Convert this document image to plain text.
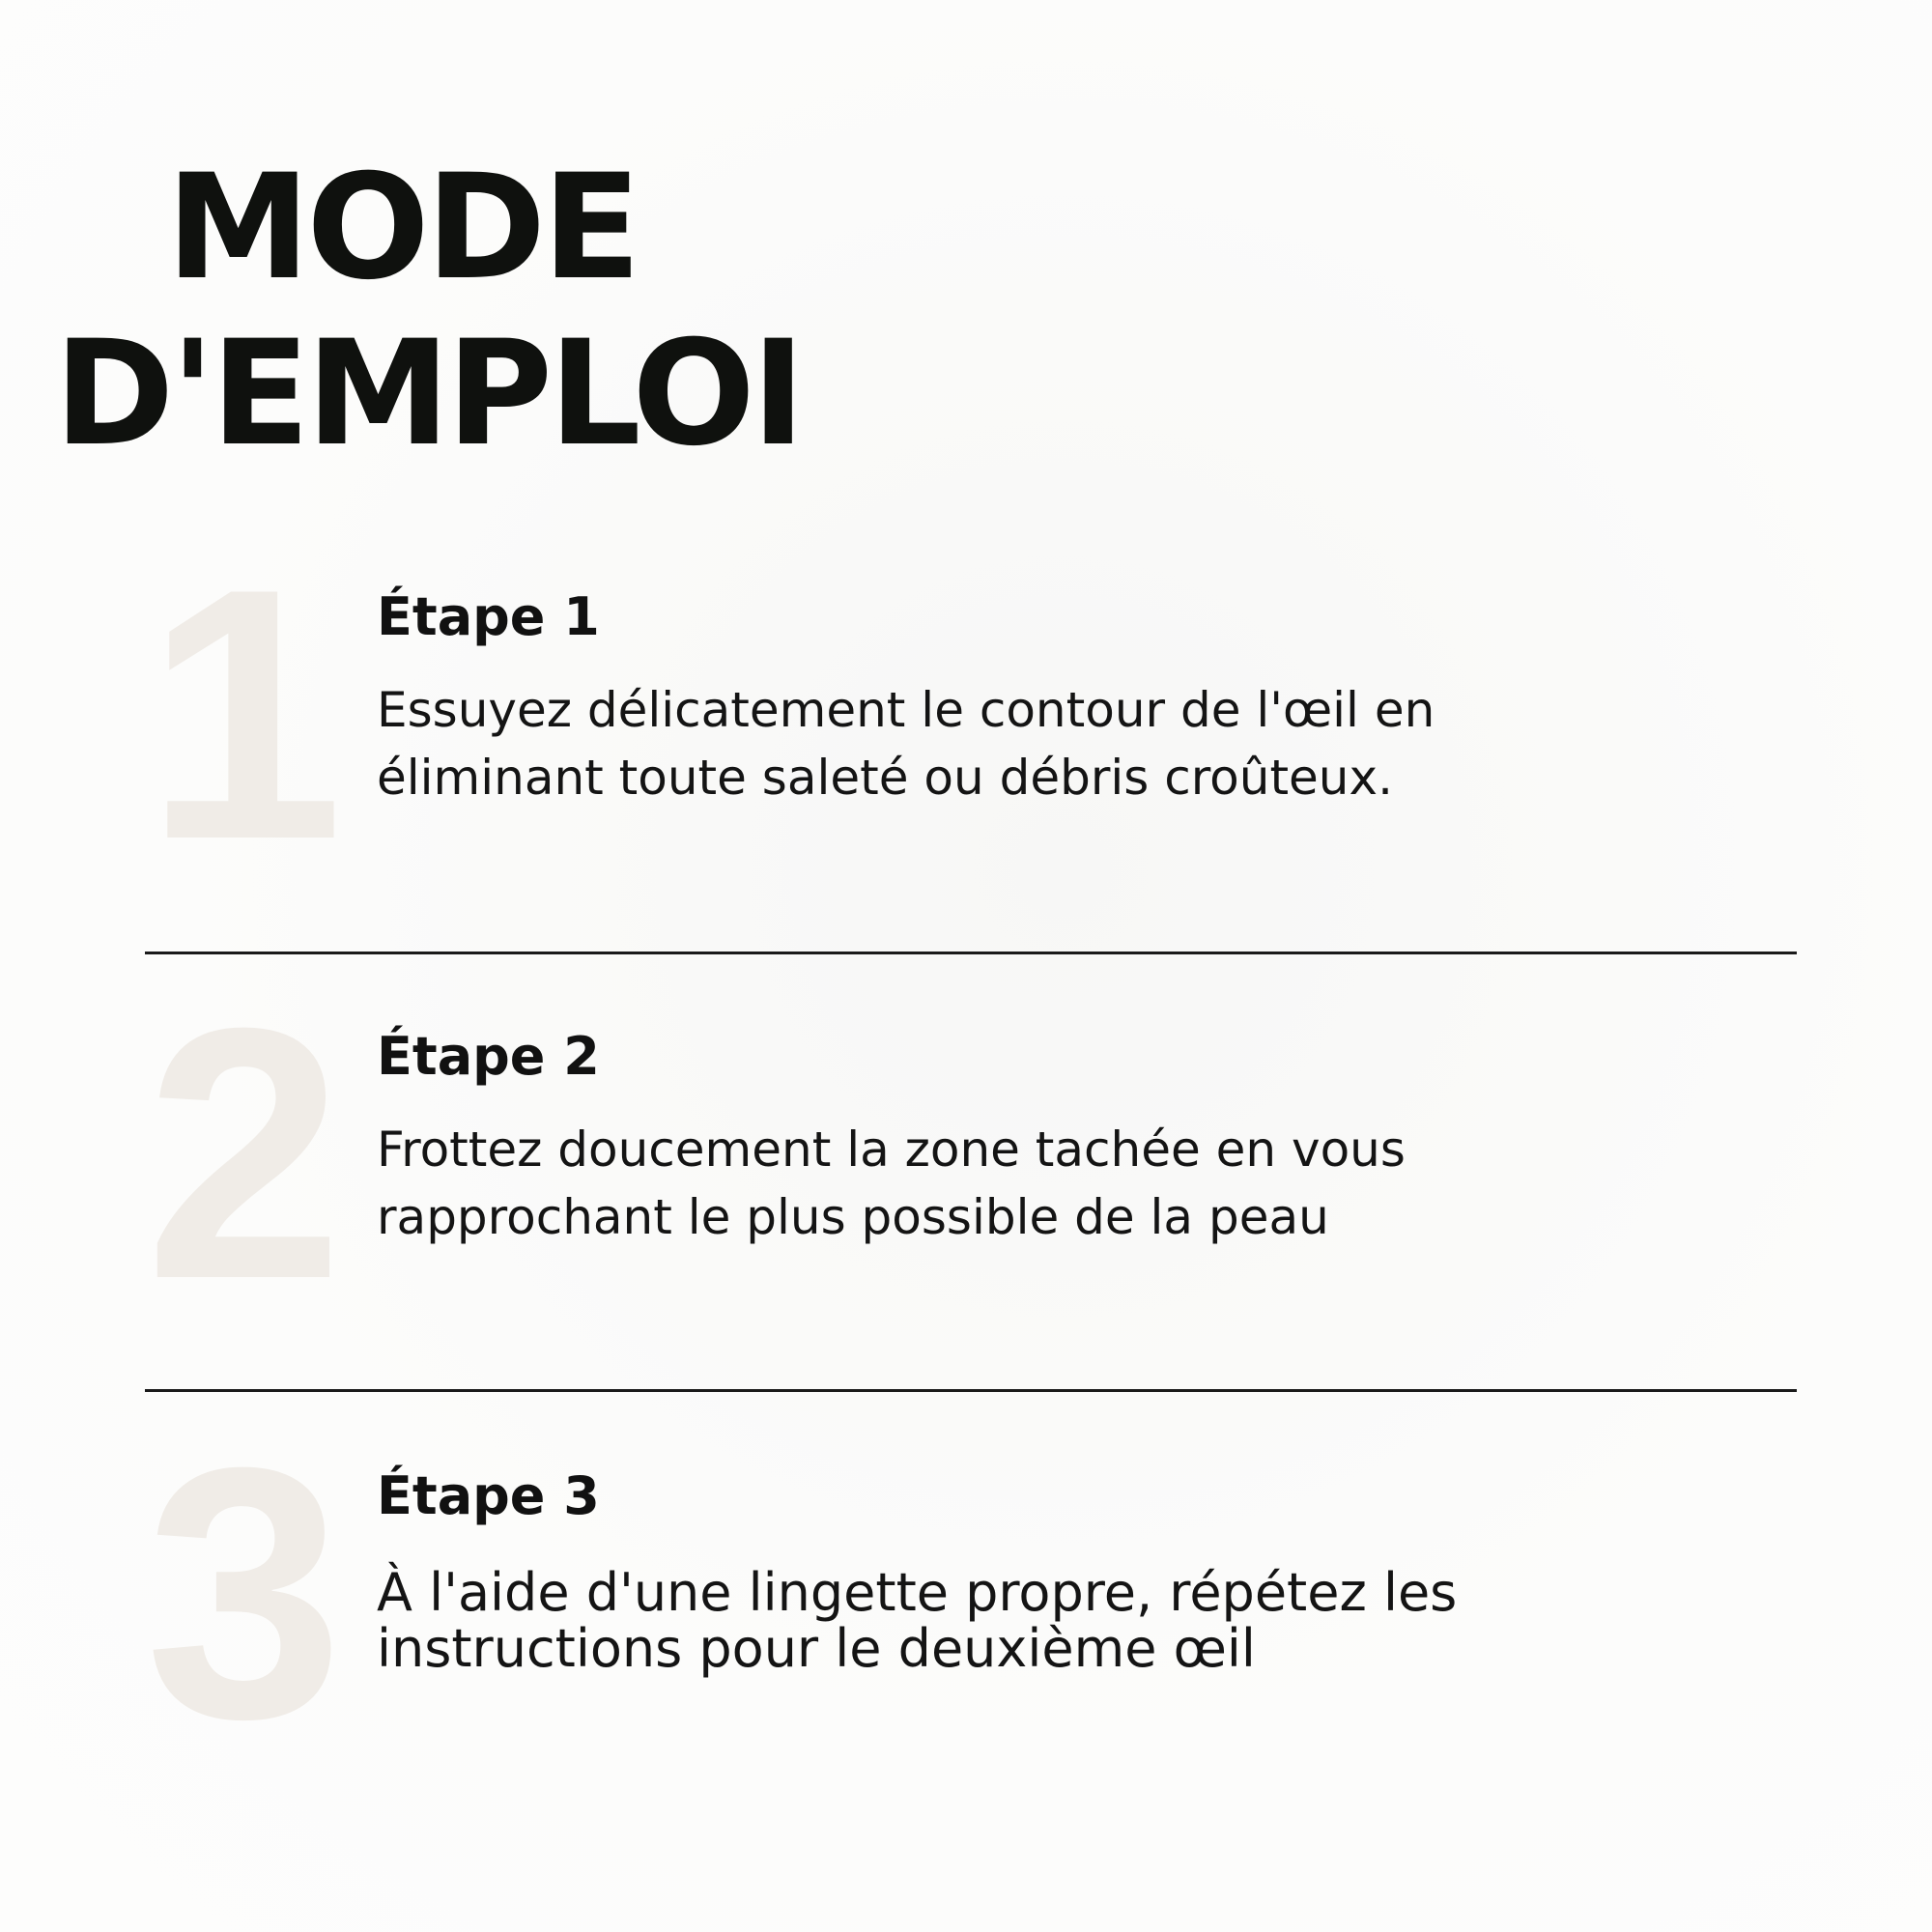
MODE
D'EMPLOI
1 Étape 1

Essuyez délicatement le contour de l'œil en
éliminant toute saleté ou débris croûteux.

2 Étape 2

Frottez doucement la zone tachée en vous
rapprochant le plus possible de la peau

3 Étape 3

À l'aide d'une lingette propre, répétez les
instructions pour le deuxième œil
